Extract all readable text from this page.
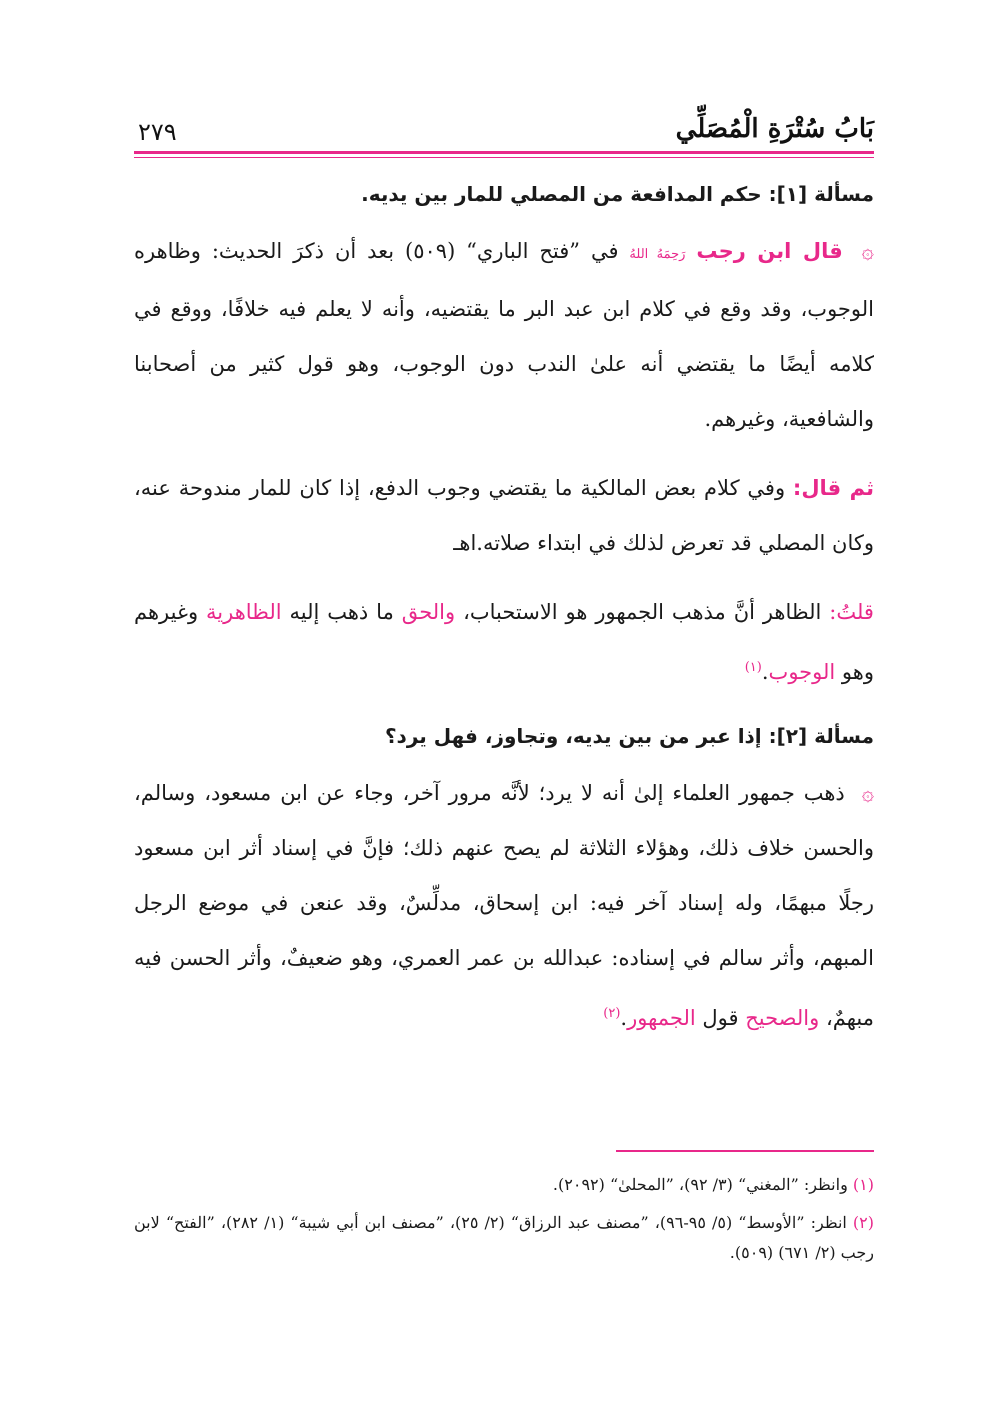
بَابُ سُتْرَةِ الْمُصَلِّي
٢٧٩

مسألة [١]: حكم المدافعة من المصلي للمار بين يديه.

۞ قال ابن رجب رَحِمَهُ اللهُ في ”فتح الباري“ (٥٠٩) بعد أن ذكرَ الحديث: وظاهره الوجوب، وقد وقع في كلام ابن عبد البر ما يقتضيه، وأنه لا يعلم فيه خلافًا، ووقع في كلامه أيضًا ما يقتضي أنه علىٰ الندب دون الوجوب، وهو قول كثير من أصحابنا والشافعية، وغيرهم.

ثم قال: وفي كلام بعض المالكية ما يقتضي وجوب الدفع، إذا كان للمار مندوحة عنه، وكان المصلي قد تعرض لذلك في ابتداء صلاته.اهـ

قلتُ: الظاهر أنَّ مذهب الجمهور هو الاستحباب، والحق ما ذهب إليه الظاهرية وغيرهم وهو الوجوب.$^{(١)}$

مسألة [٢]: إذا عبر من بين يديه، وتجاوز، فهل يرد؟

۞ ذهب جمهور العلماء إلىٰ أنه لا يرد؛ لأنَّه مرور آخر، وجاء عن ابن مسعود، وسالم، والحسن خلاف ذلك، وهؤلاء الثلاثة لم يصح عنهم ذلك؛ فإنَّ في إسناد أثر ابن مسعود رجلًا مبهمًا، وله إسناد آخر فيه: ابن إسحاق، مدلِّسٌ، وقد عنعن في موضع الرجل المبهم، وأثر سالم في إسناده: عبدالله بن عمر العمري، وهو ضعيفٌ، وأثر الحسن فيه مبهمٌ، والصحيح قول الجمهور.$^{(٢)}$

(١) وانظر: ”المغني“ (٣/ ٩٢)، ”المحلىٰ“ (٢٠٩٢).

(٢) انظر: ”الأوسط“ (٥/ ٩٥-٩٦)، ”مصنف عبد الرزاق“ (٢/ ٢٥)، ”مصنف ابن أبي شيبة“ (١/ ٢٨٢)، ”الفتح“ لابن رجب (٢/ ٦٧١) (٥٠٩).
